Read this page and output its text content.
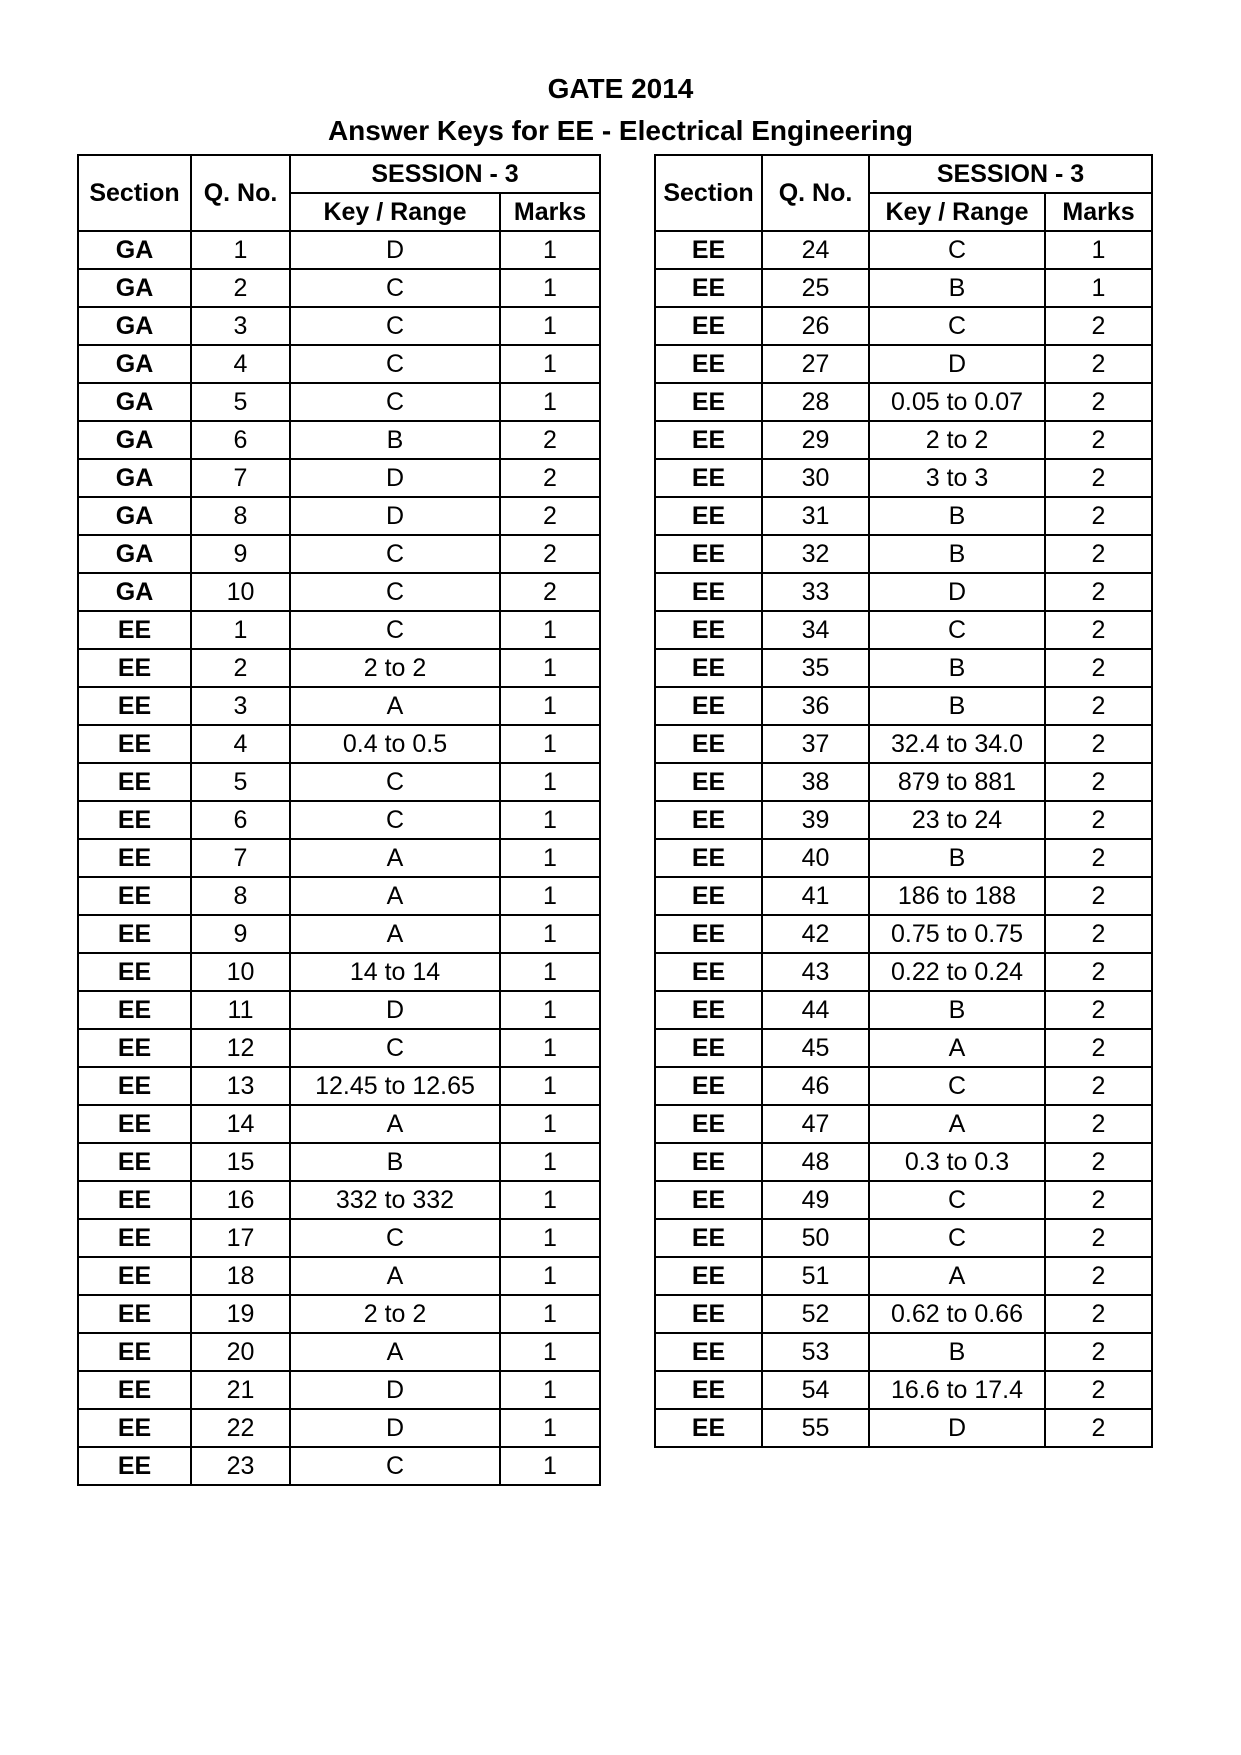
GATE 2014
Answer Keys for EE - Electrical Engineering
Section	Q. No.	SESSION - 3	
		Key / Range	Marks
GA	1	D	1
GA	2	C	1
GA	3	C	1
GA	4	C	1
GA	5	C	1
GA	6	B	2
GA	7	D	2
GA	8	D	2
GA	9	C	2
GA	10	C	2
EE	1	C	1
EE	2	2 to 2	1
EE	3	A	1
EE	4	0.4 to 0.5	1
EE	5	C	1
EE	6	C	1
EE	7	A	1
EE	8	A	1
EE	9	A	1
EE	10	14 to 14	1
EE	11	D	1
EE	12	C	1
EE	13	12.45 to 12.65	1
EE	14	A	1
EE	15	B	1
EE	16	332 to 332	1
EE	17	C	1
EE	18	A	1
EE	19	2 to 2	1
EE	20	A	1
EE	21	D	1
EE	22	D	1
EE	23	C	1
Section	Q. No.	SESSION - 3	
		Key / Range	Marks
EE	24	C	1
EE	25	B	1
EE	26	C	2
EE	27	D	2
EE	28	0.05 to 0.07	2
EE	29	2 to 2	2
EE	30	3 to 3	2
EE	31	B	2
EE	32	B	2
EE	33	D	2
EE	34	C	2
EE	35	B	2
EE	36	B	2
EE	37	32.4 to 34.0	2
EE	38	879 to 881	2
EE	39	23 to 24	2
EE	40	B	2
EE	41	186 to 188	2
EE	42	0.75 to 0.75	2
EE	43	0.22 to 0.24	2
EE	44	B	2
EE	45	A	2
EE	46	C	2
EE	47	A	2
EE	48	0.3 to 0.3	2
EE	49	C	2
EE	50	C	2
EE	51	A	2
EE	52	0.62 to 0.66	2
EE	53	B	2
EE	54	16.6 to 17.4	2
EE	55	D	2
